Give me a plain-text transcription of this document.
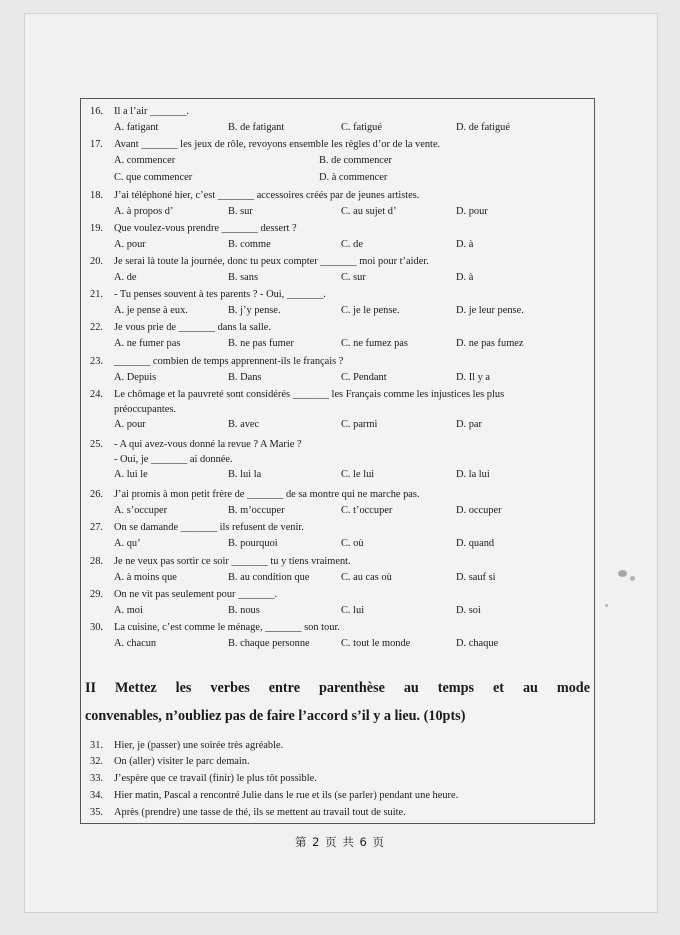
16. Il a l’air _______.
A. fatigant	B. de fatigant	C. fatigué	D. de fatigué
17. Avant _______ les jeux de rôle, revoyons ensemble les règles d’or de la vente.
A. commencer	B. de commencer
C. que commencer	D. à commencer
18. J’ai téléphoné hier, c’est _______ accessoires créés par de jeunes artistes.
A. à propos d’	B. sur	C. au sujet d’	D. pour
19. Que voulez-vous prendre _______ dessert ?
A. pour	B. comme	C. de	D. à
20. Je serai là toute la journée, donc tu peux compter _______ moi pour t’aider.
A. de	B. sans	C. sur	D. à
21. - Tu penses souvent à tes parents ? - Oui, _______.
A. je pense à eux.	B. j’y pense.	C. je le pense.	D. je leur pense.
22. Je vous prie de _______ dans la salle.
A. ne fumer pas	B. ne pas fumer	C. ne fumez pas	D. ne pas fumez
23. _______ combien de temps apprennent-ils le français ?
A. Depuis	B. Dans	C. Pendant	D. Il y a
24. Le chômage et la pauvreté sont considérés _______ les Français comme les injustices les plus
préoccupantes.
A. pour	B. avec	C. parmi	D. par
25. - A qui avez-vous donné la revue ? A Marie ?
- Oui, je _______ ai donnée.
A. lui le	B. lui la	C. le lui	D. la lui
26. J’ai promis à mon petit frère de _______ de sa montre qui ne marche pas.
A. s’occuper	B. m’occuper	C. t’occuper	D. occuper
27. On se damande _______ ils refusent de venir.
A. qu’	B. pourquoi	C. où	D. quand
28. Je ne veux pas sortir ce soir _______ tu y tiens vraiment.
A. à moins que	B. au condition que	C. au cas où	D. sauf si
29. On ne vit pas seulement pour _______.
A. moi	B. nous	C. lui	D. soi
30. La cuisine, c’est comme le ménage, _______ son tour.
A. chacun	B. chaque personne	C. tout le monde	D. chaque
II Mettez les verbes entre parenthèse au temps et au mode
convenables, n’oubliez pas de faire l’accord s’il y a lieu. (10pts)
31. Hier, je (passer) une soirée très agréable.
32. On (aller) visiter le parc demain.
33. J’espère que ce travail (finir) le plus tôt possible.
34. Hier matin, Pascal a rencontré Julie dans le rue et ils (se parler) pendant une heure.
35. Après (prendre) une tasse de thé, ils se mettent au travail tout de suite.
第 2 页 共 6 页
